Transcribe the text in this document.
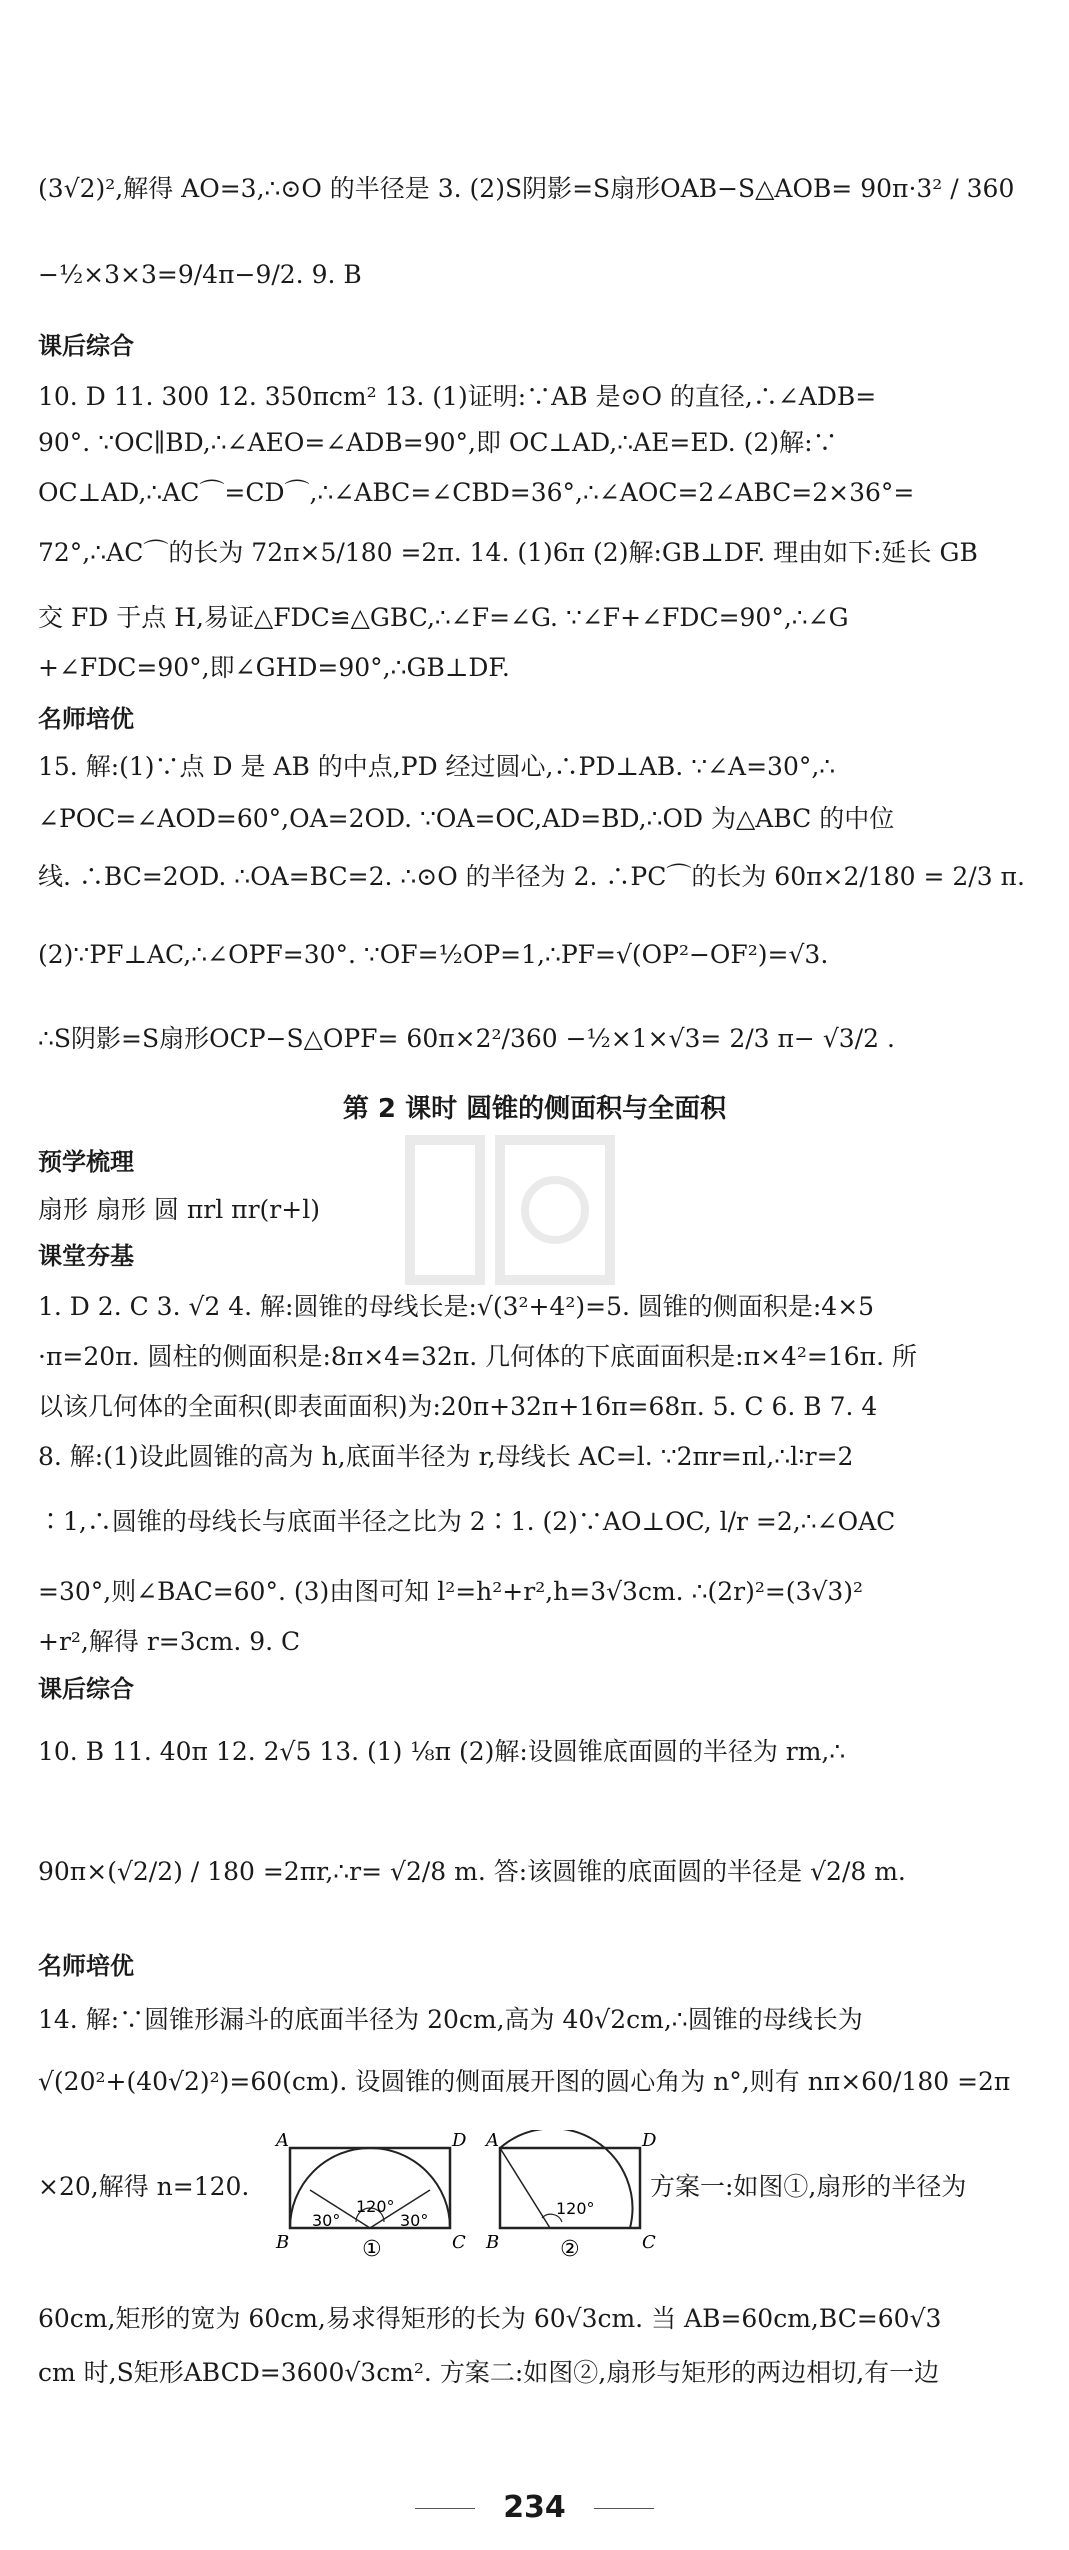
(3√2)²,解得 AO=3,∴⊙O 的半径是 3. (2)S阴影=S扇形OAB−S△AOB= 90π·3² / 360
−½×3×3=9/4π−9/2. 9. B
课后综合
10. D 11. 300 12. 350πcm² 13. (1)证明:∵AB 是⊙O 的直径,∴∠ADB=
90°. ∵OC∥BD,∴∠AEO=∠ADB=90°,即 OC⊥AD,∴AE=ED. (2)解:∵
OC⊥AD,∴AC⌒=CD⌒,∴∠ABC=∠CBD=36°,∴∠AOC=2∠ABC=2×36°=
72°,∴AC⌒的长为 72π×5/180 =2π. 14. (1)6π (2)解:GB⊥DF. 理由如下:延长 GB
交 FD 于点 H,易证△FDC≌△GBC,∴∠F=∠G. ∵∠F+∠FDC=90°,∴∠G
+∠FDC=90°,即∠GHD=90°,∴GB⊥DF.
名师培优
15. 解:(1)∵点 D 是 AB 的中点,PD 经过圆心,∴PD⊥AB. ∵∠A=30°,∴
∠POC=∠AOD=60°,OA=2OD. ∵OA=OC,AD=BD,∴OD 为△ABC 的中位
线. ∴BC=2OD. ∴OA=BC=2. ∴⊙O 的半径为 2. ∴PC⌒的长为 60π×2/180 = 2/3 π.
(2)∵PF⊥AC,∴∠OPF=30°. ∵OF=½OP=1,∴PF=√(OP²−OF²)=√3.
∴S阴影=S扇形OCP−S△OPF= 60π×2²/360 −½×1×√3= 2/3 π− √3/2 .
第 2 课时 圆锥的侧面积与全面积
预学梳理
扇形 扇形 圆 πrl πr(r+l)
课堂夯基
1. D 2. C 3. √2 4. 解:圆锥的母线长是:√(3²+4²)=5. 圆锥的侧面积是:4×5
·π=20π. 圆柱的侧面积是:8π×4=32π. 几何体的下底面面积是:π×4²=16π. 所
以该几何体的全面积(即表面面积)为:20π+32π+16π=68π. 5. C 6. B 7. 4
8. 解:(1)设此圆锥的高为 h,底面半径为 r,母线长 AC=l. ∵2πr=πl,∴l∶r=2
∶1,∴圆锥的母线长与底面半径之比为 2∶1. (2)∵AO⊥OC, l/r =2,∴∠OAC
=30°,则∠BAC=60°. (3)由图可知 l²=h²+r²,h=3√3cm. ∴(2r)²=(3√3)²
+r²,解得 r=3cm. 9. C
课后综合
10. B 11. 40π 12. 2√5 13. (1) ⅛π (2)解:设圆锥底面圆的半径为 rm,∴
90π×(√2/2) / 180 =2πr,∴r= √2/8 m. 答:该圆锥的底面圆的半径是 √2/8 m.
名师培优
14. 解:∵圆锥形漏斗的底面半径为 20cm,高为 40√2cm,∴圆锥的母线长为
√(20²+(40√2)²)=60(cm). 设圆锥的侧面展开图的圆心角为 n°,则有 nπ×60/180 =2π
×20,解得 n=120.	方案一:如图①,扇形的半径为
A	D
B	C
120°
30°	30°
①
A	D
B	C
120°
②
60cm,矩形的宽为 60cm,易求得矩形的长为 60√3cm. 当 AB=60cm,BC=60√3
cm 时,S矩形ABCD=3600√3cm². 方案二:如图②,扇形与矩形的两边相切,有一边
234
